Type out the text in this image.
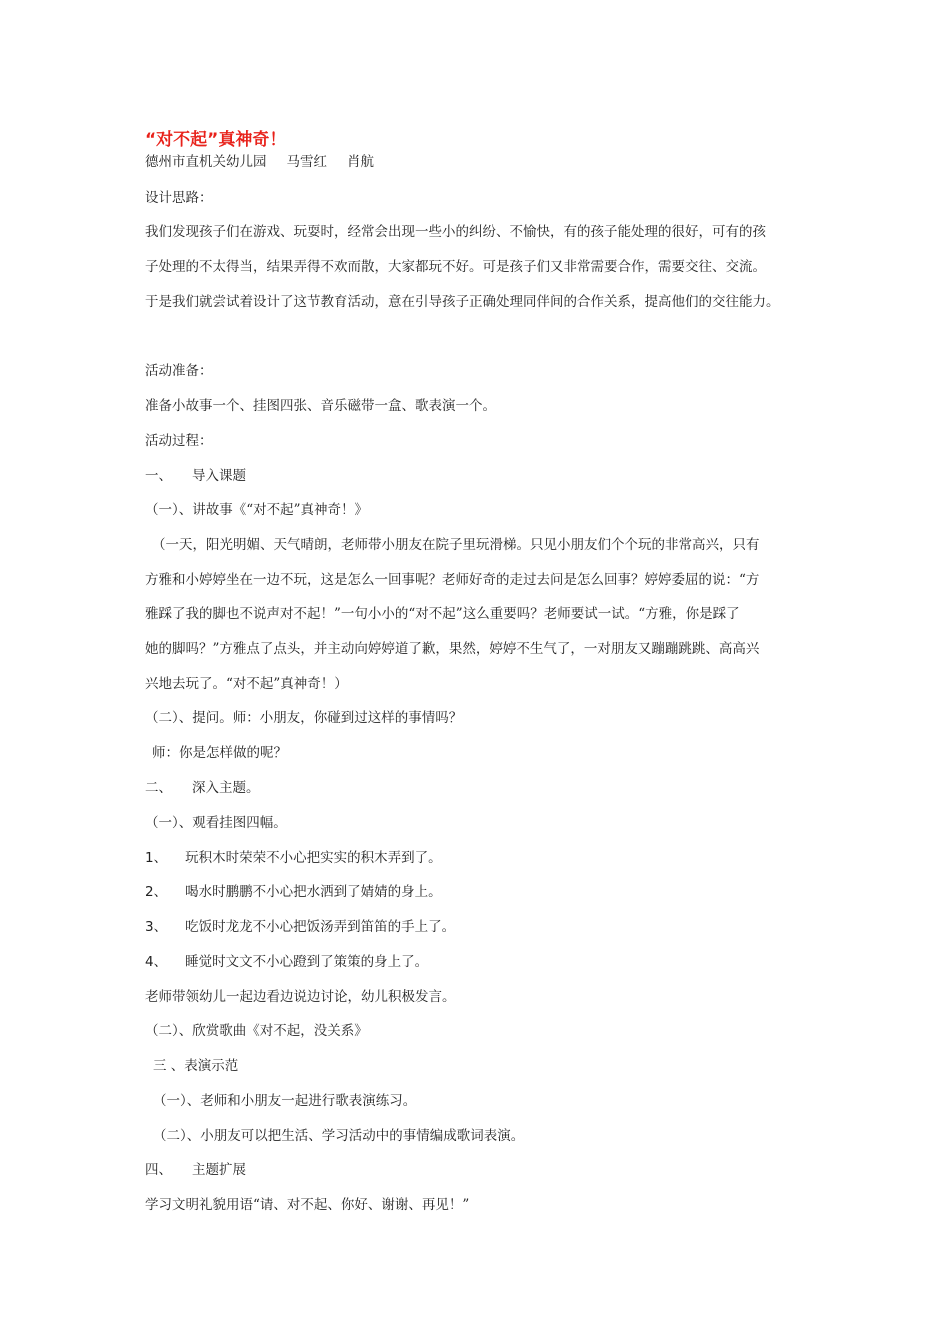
“对不起”真神奇！
德州市直机关幼儿园 马雪红 肖航
设计思路：
我们发现孩子们在游戏、玩耍时，经常会出现一些小的纠纷、不愉快，有的孩子能处理的很好，可有的孩
子处理的不太得当，结果弄得不欢而散，大家都玩不好。可是孩子们又非常需要合作，需要交往、交流。
于是我们就尝试着设计了这节教育活动，意在引导孩子正确处理同伴间的合作关系，提高他们的交往能力。
活动准备：
准备小故事一个、挂图四张、音乐磁带一盒、歌表演一个。
活动过程：
一、 导入课题
（一）、讲故事《“对不起”真神奇！》
（一天，阳光明媚、天气晴朗，老师带小朋友在院子里玩滑梯。只见小朋友们个个玩的非常高兴，只有
方雅和小婷婷坐在一边不玩，这是怎么一回事呢？老师好奇的走过去问是怎么回事？婷婷委屈的说：“方
雅踩了我的脚也不说声对不起！”一句小小的“对不起”这么重要吗？老师要试一试。“方雅，你是踩了
她的脚吗？”方雅点了点头，并主动向婷婷道了歉，果然，婷婷不生气了，一对朋友又蹦蹦跳跳、高高兴
兴地去玩了。“对不起”真神奇！）
（二）、提问。师：小朋友，你碰到过这样的事情吗？
师：你是怎样做的呢？
二、 深入主题。
（一）、观看挂图四幅。
1、 玩积木时荣荣不小心把实实的积木弄到了。
2、 喝水时鹏鹏不小心把水洒到了婧婧的身上。
3、 吃饭时龙龙不小心把饭汤弄到笛笛的手上了。
4、 睡觉时文文不小心蹬到了策策的身上了。
老师带领幼儿一起边看边说边讨论，幼儿积极发言。
（二）、欣赏歌曲《对不起，没关系》
三 、表演示范
（一）、老师和小朋友一起进行歌表演练习。
（二）、小朋友可以把生活、学习活动中的事情编成歌词表演。
四、 主题扩展
学习文明礼貌用语“请、对不起、你好、谢谢、再见！”
